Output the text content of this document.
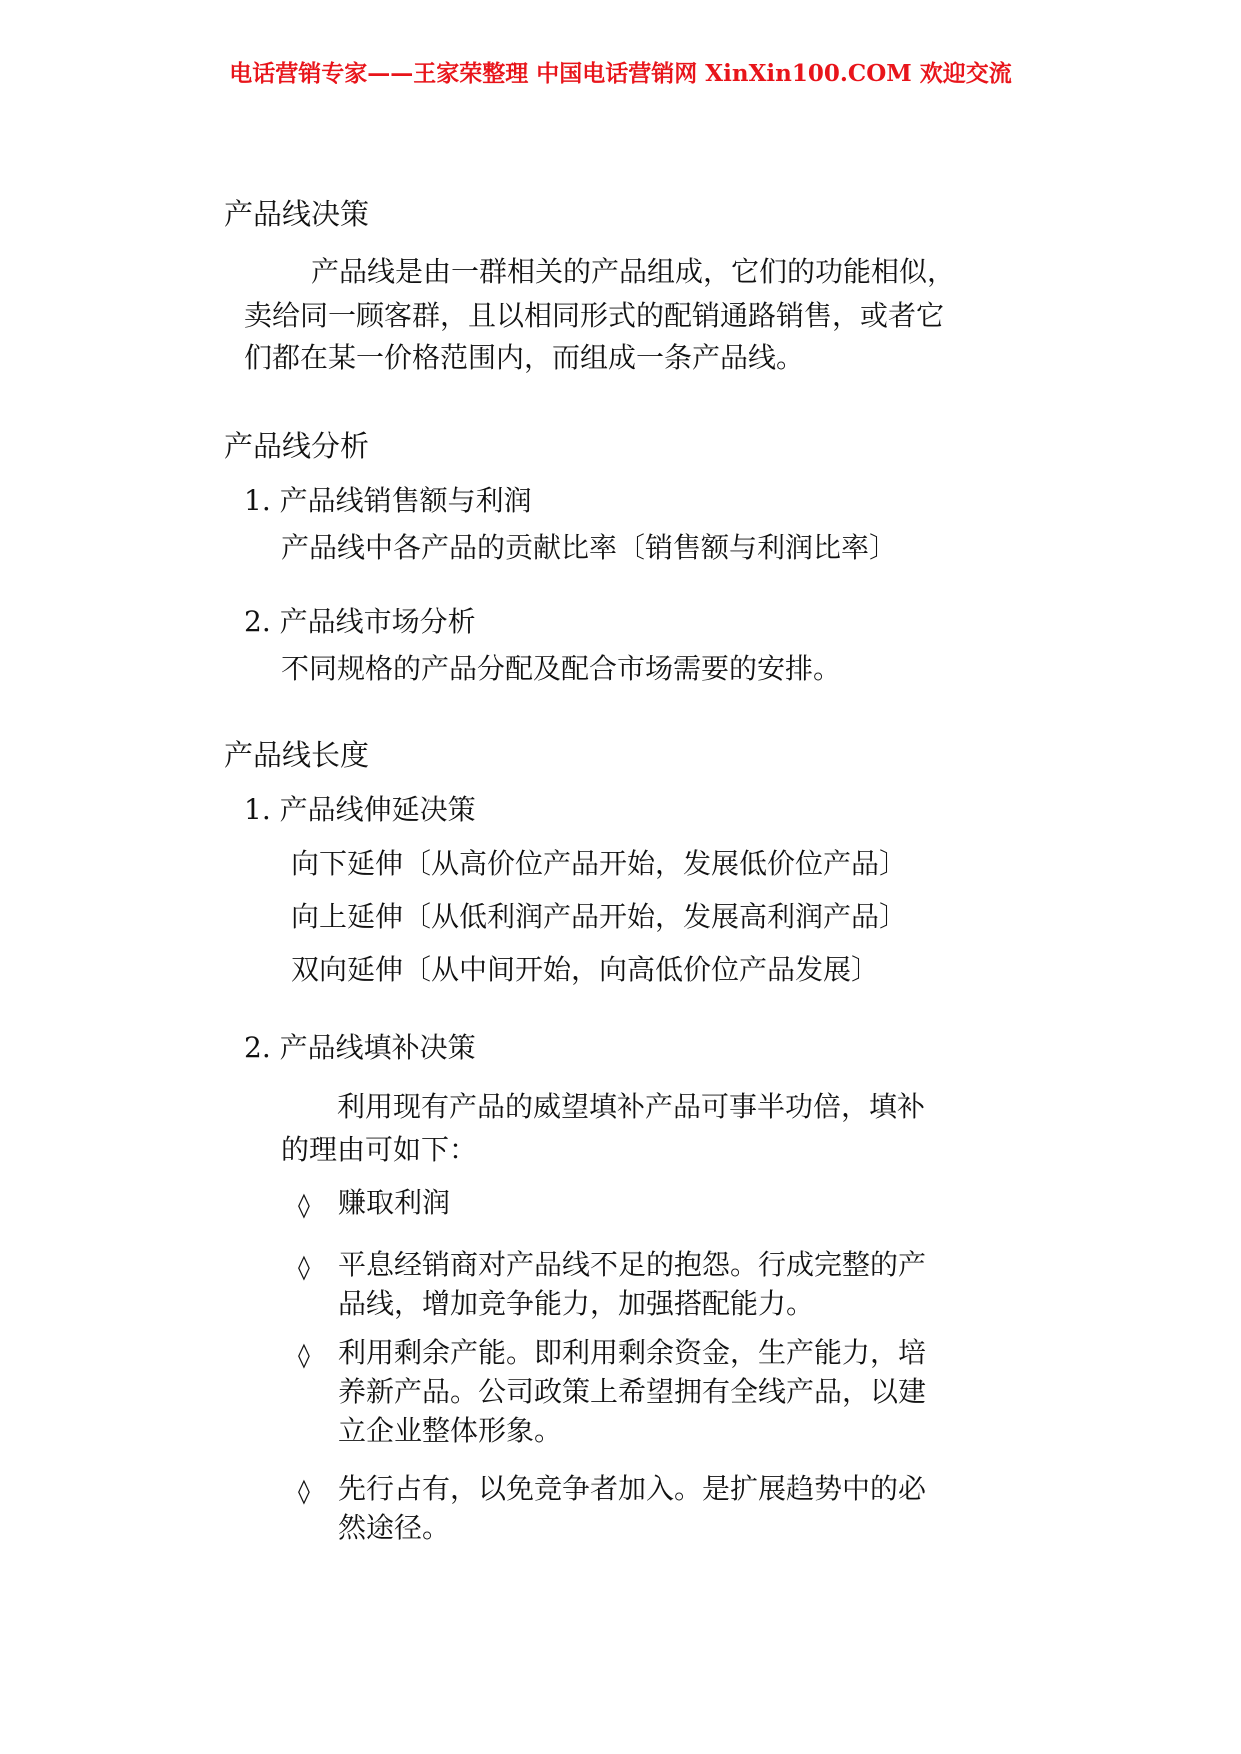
电话营销专家——王家荣整理 中国电话营销网 XinXin100.COM 欢迎交流
产品线决策
产品线是由一群相关的产品组成，它们的功能相似，
卖给同一顾客群，且以相同形式的配销通路销售，或者它
们都在某一价格范围内，而组成一条产品线。
产品线分析
1. 产品线销售额与利润
产品线中各产品的贡献比率〔销售额与利润比率〕
2. 产品线市场分析
不同规格的产品分配及配合市场需要的安排。
产品线长度
1. 产品线伸延决策
向下延伸〔从高价位产品开始，发展低价位产品〕
向上延伸〔从低利润产品开始，发展高利润产品〕
双向延伸〔从中间开始，向高低价位产品发展〕
2. 产品线填补决策
利用现有产品的威望填补产品可事半功倍，填补
的理由可如下：
◊ 赚取利润
◊ 平息经销商对产品线不足的抱怨。行成完整的产
品线，增加竞争能力，加强搭配能力。
◊ 利用剩余产能。即利用剩余资金，生产能力，培
养新产品。公司政策上希望拥有全线产品，以建
立企业整体形象。
◊ 先行占有，以免竞争者加入。是扩展趋势中的必
然途径。
